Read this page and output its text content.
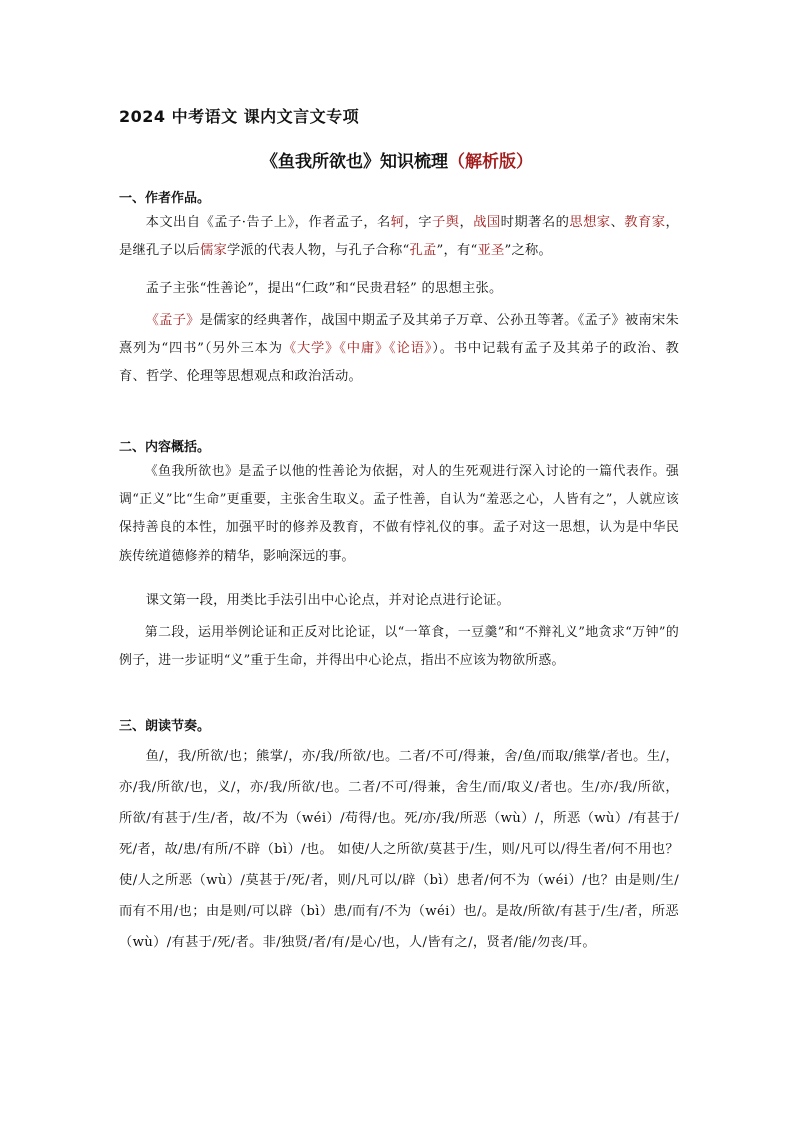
2024 中考语文 课内文言文专项
《鱼我所欲也》知识梳理（解析版）
一、作者作品。
本文出自《孟子·告子上》，作者孟子，名轲，字子舆，战国时期著名的思想家、教育家，是继孔子以后儒家学派的代表人物，与孔子合称“孔孟”，有“亚圣”之称。
孟子主张“性善论”，提出“仁政”和“民贵君轻” 的思想主张。
《孟子》是儒家的经典著作，战国中期孟子及其弟子万章、公孙丑等著。《孟子》被南宋朱熹列为“四书”（另外三本为《大学》《中庸》《论语》）。书中记载有孟子及其弟子的政治、教育、哲学、伦理等思想观点和政治活动。
二、内容概括。
《鱼我所欲也》是孟子以他的性善论为依据，对人的生死观进行深入讨论的一篇代表作。强调“正义”比“生命”更重要，主张舍生取义。孟子性善，自认为“羞恶之心，人皆有之”，人就应该保持善良的本性，加强平时的修养及教育，不做有悖礼仪的事。孟子对这一思想，认为是中华民族传统道德修养的精华，影响深远的事。
课文第一段，用类比手法引出中心论点，并对论点进行论证。
第二段，运用举例论证和正反对比论证，以“一箪食，一豆羹”和“不辩礼义”地贪求“万钟”的例子，进一步证明“义”重于生命，并得出中心论点，指出不应该为物欲所惑。
三、朗读节奏。
鱼/，我/所欲/也；熊掌/，亦/我/所欲/也。二者/不可/得兼，舍/鱼/而取/熊掌/者也。生/，亦/我/所欲/也，义/，亦/我/所欲/也。二者/不可/得兼，舍生/而/取义/者也。生/亦/我/所欲，所欲/有甚于/生/者，故/不为（wéi）/苟得/也。死/亦/我/所恶（wù）/，所恶（wù）/有甚于/死/者，故/患/有所/不辟（bì）/也。 如使/人之所欲/莫甚于/生，则/凡可以/得生者/何不用也？使/人之所恶（wù）/莫甚于/死/者，则/凡可以/辟（bì）患者/何不为（wéi）/也？由是则/生/而有不用/也；由是则/可以辟（bì）患/而有/不为（wéi）也/。是故/所欲/有甚于/生/者，所恶（wù）/有甚于/死/者。非/独贤/者/有/是心/也，人/皆有之/，贤者/能/勿丧/耳。
